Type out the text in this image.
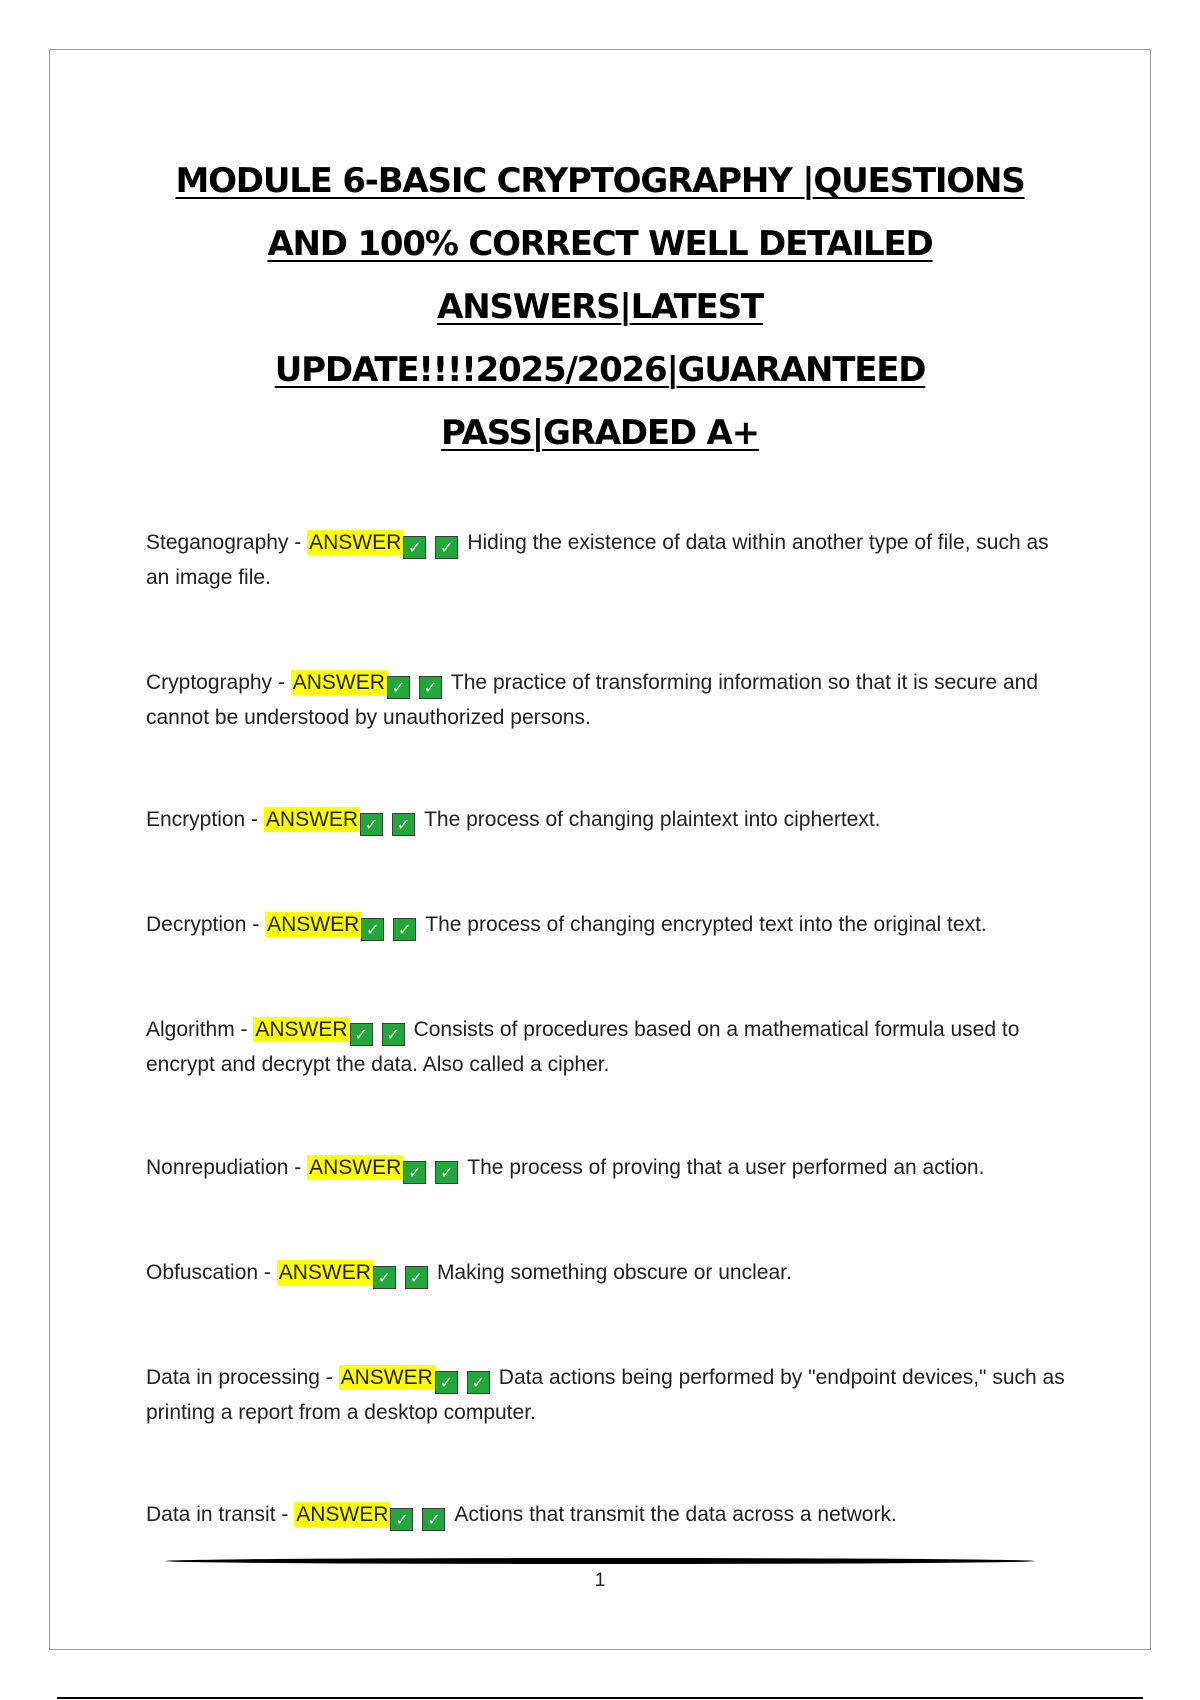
MODULE 6-BASIC CRYPTOGRAPHY |QUESTIONS
AND 100% CORRECT WELL DETAILED
ANSWERS|LATEST
UPDATE!!!!2025/2026|GUARANTEED
PASS|GRADED A+

Steganography - ANSWER ✓ ✓ Hiding the existence of data within another type of file, such as an image file.

Cryptography - ANSWER ✓ ✓ The practice of transforming information so that it is secure and cannot be understood by unauthorized persons.

Encryption - ANSWER ✓ ✓ The process of changing plaintext into ciphertext.

Decryption - ANSWER ✓ ✓ The process of changing encrypted text into the original text.

Algorithm - ANSWER ✓ ✓ Consists of procedures based on a mathematical formula used to encrypt and decrypt the data. Also called a cipher.

Nonrepudiation - ANSWER ✓ ✓ The process of proving that a user performed an action.

Obfuscation - ANSWER ✓ ✓ Making something obscure or unclear.

Data in processing - ANSWER ✓ ✓ Data actions being performed by "endpoint devices," such as printing a report from a desktop computer.

Data in transit - ANSWER ✓ ✓ Actions that transmit the data across a network.

1
